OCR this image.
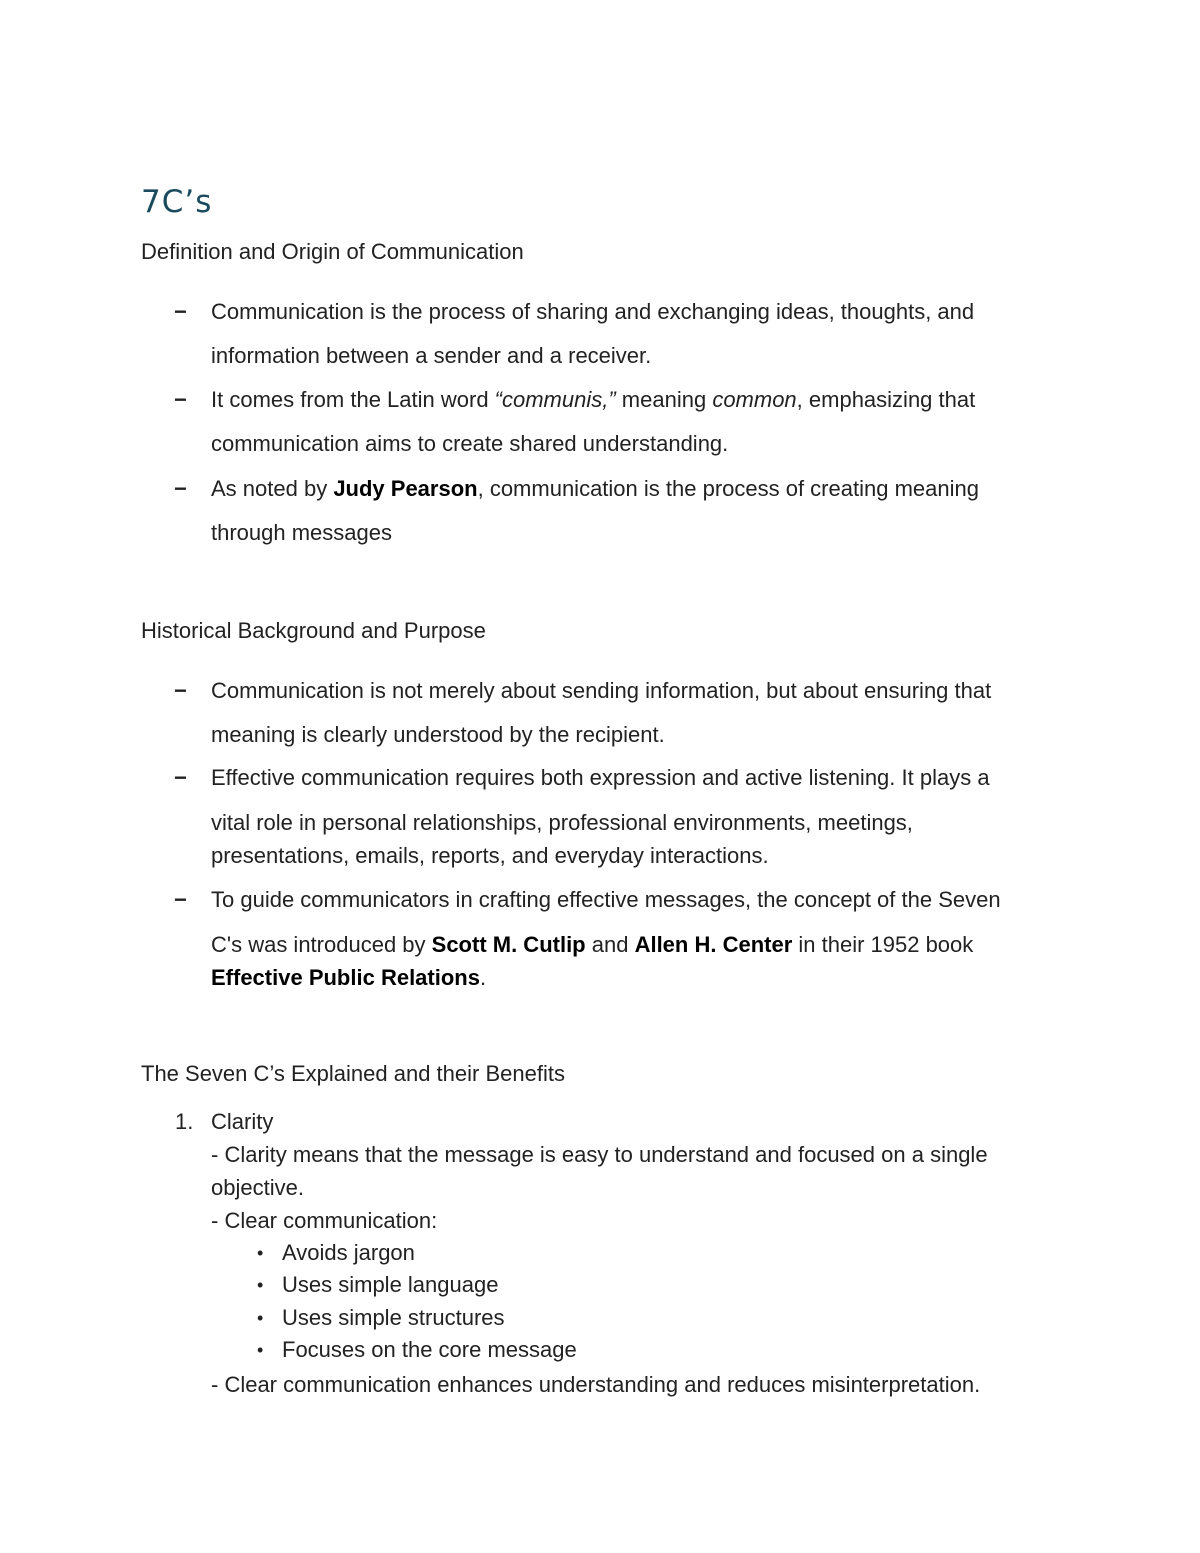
7C’s
Definition and Origin of Communication
− Communication is the process of sharing and exchanging ideas, thoughts, and
information between a sender and a receiver.
− It comes from the Latin word “communis,” meaning common, emphasizing that
communication aims to create shared understanding.
− As noted by Judy Pearson, communication is the process of creating meaning
through messages
Historical Background and Purpose
− Communication is not merely about sending information, but about ensuring that
meaning is clearly understood by the recipient.
− Effective communication requires both expression and active listening. It plays a
vital role in personal relationships, professional environments, meetings,
presentations, emails, reports, and everyday interactions.
− To guide communicators in crafting effective messages, the concept of the Seven
C's was introduced by Scott M. Cutlip and Allen H. Center in their 1952 book
Effective Public Relations.
The Seven C’s Explained and their Benefits
1. Clarity
- Clarity means that the message is easy to understand and focused on a single
objective.
- Clear communication:
• Avoids jargon
• Uses simple language
• Uses simple structures
• Focuses on the core message
- Clear communication enhances understanding and reduces misinterpretation.
